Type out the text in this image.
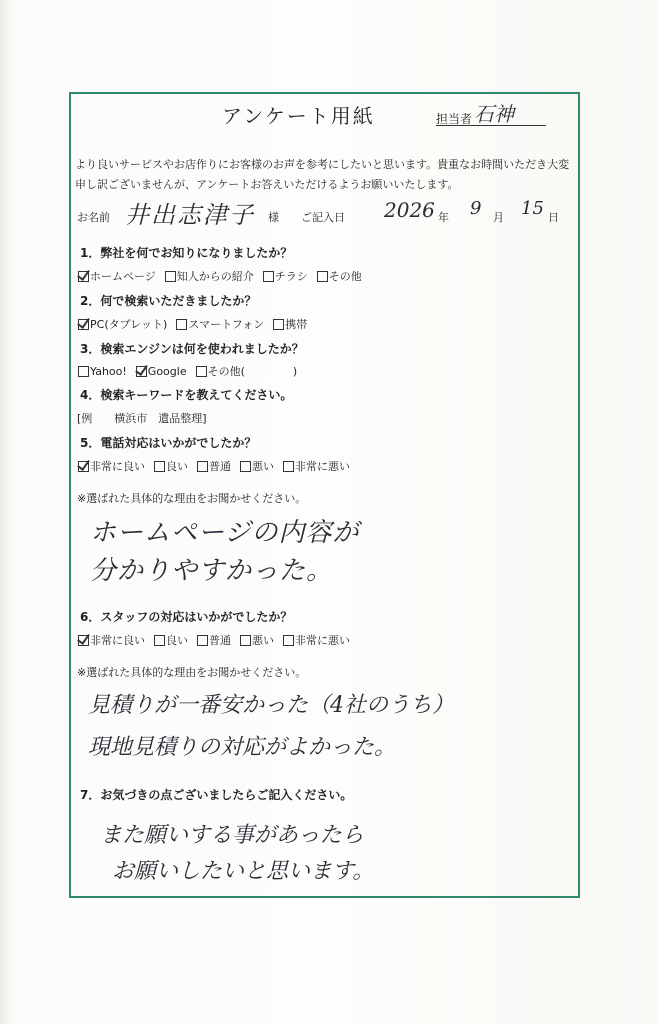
アンケート用紙	担当者 石神
より良いサービスやお店作りにお客様のお声を参考にしたいと思います。貴重なお時間いただき大変
申し訳ございませんが、アンケートお答えいただけるようお願いいたします。
お名前 井出志津子 様 ご記入日 2026 年 9 月 15 日
1．弊社を何でお知りになりましたか？
ホームページ 知人からの紹介 チラシ その他
2．何で検索いただきましたか？
PC(タブレット) スマートフォン 携帯
3．検索エンジンは何を使われましたか？
Yahoo! Google その他(	)
4．検索キーワードを教えてください。
[例　　横浜市　遺品整理]
5．電話対応はいかがでしたか？
非常に良い 良い 普通 悪い 非常に悪い
※選ばれた具体的な理由をお聞かせください。
ホームページの内容が
分かりやすかった。
6．スタッフの対応はいかがでしたか？
非常に良い 良い 普通 悪い 非常に悪い
※選ばれた具体的な理由をお聞かせください。
見積りが一番安かった（4社のうち）
現地見積りの対応がよかった。
7．お気づきの点ございましたらご記入ください。
また願いする事があったら
お願いしたいと思います。
